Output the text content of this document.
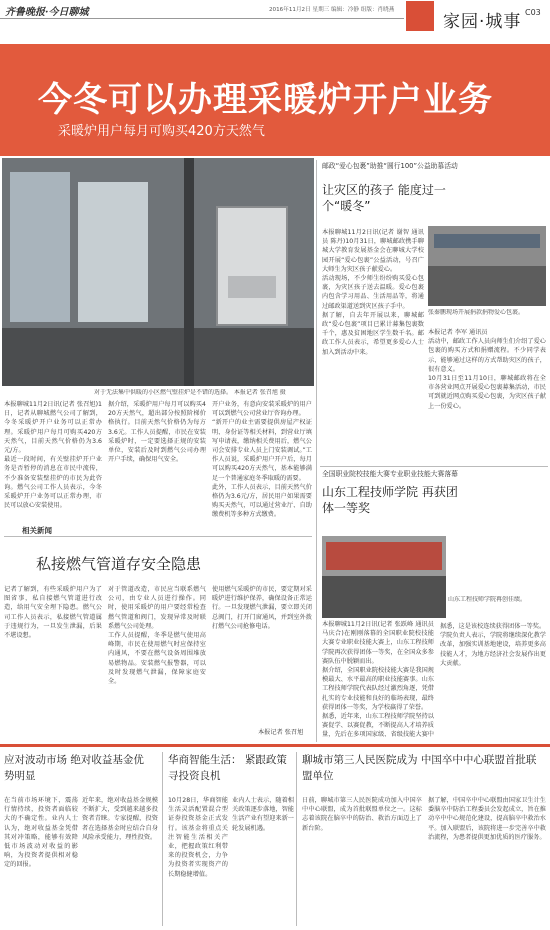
齐鲁晚报·今日聊城	2016年11月2日 星期三 编辑：冷静 组版：肖晓燕
家园·城事 C03
今冬可以办理采暖炉开户业务
采暖炉用户每月可购买420方天然气
对于无法集中供暖的小区燃气壁挂炉是不错的选择。 本报记者 张召旭 摄

本报聊城11月2日讯(记者 张召旭)1日，记者从聊城燃气公司了解到，今冬采暖炉开户业务可以正常办理。采暖炉用户每月可购买420方天然气，目前天然气价格仍为3.6元/方。

最近一段时间，有关壁挂炉开户业务是否暂停的消息在市民中流传，不少准备安装壁挂炉的市民为此咨询。燃气公司工作人员表示，今冬采暖炉开户业务可以正常办理，市民可以放心安装使用。

据介绍，采暖炉用户每月可以购买420方天然气，超出部分按照阶梯价格执行。目前天然气价格仍为每方3.6元。工作人员提醒，市民在安装采暖炉时，一定要选择正规的安装单位，安装后及时到燃气公司办理开户手续，确保用气安全。

开户业务，有意向安装采暖炉的用户可以到燃气公司营业厅咨询办理。

“新开户的业主需要提供房屋产权证明、身份证等相关材料，到营业厅填写申请表，缴纳相关费用后，燃气公司会安排专业人员上门安装调试。”工作人员说，采暖炉用户开户后，每月可以购买420方天然气，基本能够满足一个普通家庭冬季取暖的需要。

此外，工作人员表示，目前天然气价格仍为3.6元/方，居民用户如果需要购买天然气，可以通过营业厅、自助缴费机等多种方式缴费。

相关新闻
私接燃气管道存安全隐患

记者了解到，有些采暖炉用户为了图省事，私自接燃气管道进行改造，给用气安全埋下隐患。燃气公司工作人员表示，私接燃气管道属于违规行为，一旦发生泄漏，后果不堪设想。

对于管道改造，市民应当联系燃气公司，由专业人员进行操作。同时，使用采暖炉的用户要经常检查燃气管道和阀门，发现异常及时联系燃气公司处理。

工作人员提醒，冬季是燃气使用高峰期，市民在使用燃气时应保持室内通风，不要在燃气设备周围堆放易燃物品。安装燃气报警器，可以及时发现燃气泄漏，保障家庭安全。

使用燃气采暖炉的市民，要定期对采暖炉进行维护保养，确保设备正常运行。一旦发现燃气泄漏，要立即关闭总阀门，打开门窗通风，并到室外拨打燃气公司抢修电话。

本报记者 张召旭
邮政“爱心包裹”助推“圆行100”公益助慕活动
让灾区的孩子 能度过一个“暖冬”

本报聊城11月2日讯(记者 谢智 通讯员 陈丹)10月31日，聊城邮政携手聊城大学教育发展基金会在聊城大学校园开展“爱心包裹”公益活动，号召广大师生为灾区孩子献爱心。

活动现场，不少师生纷纷购买爱心包裹，为灾区孩子送去温暖。爱心包裹内包含学习用品、生活用品等，将通过邮政渠道送到灾区孩子手中。

据了解，自去年开展以来，聊城邮政“爱心包裹”项目已累计募集包裹数千个，惠及贫困地区学生数千名。邮政工作人员表示，希望更多爱心人士加入到活动中来。

张秦鹏现场开展捐款捐物爱心包裹。

本报记者 李军 通讯员

活动中，邮政工作人员向师生们介绍了爱心包裹的购买方式和捐赠流程。不少同学表示，能够通过这样的方式帮助灾区的孩子，很有意义。

10月31日至11月10日，聊城邮政将在全市各营业网点开展爱心包裹募集活动，市民可到就近网点购买爱心包裹，为灾区孩子献上一份爱心。

全国职业院校技能大赛专业职业技能大赛落幕
山东工程技师学院 再获团体一等奖
山东工程技师学院再创佳绩。

本报聊城11月2日讯(记者 张跃峰 通讯员 马庆合)在刚刚落幕的全国职业院校技能大赛专业职业技能大赛上，山东工程技师学院再次获得团体一等奖，在全国众多参赛队伍中脱颖而出。

据介绍，全国职业院校技能大赛是我国规模最大、水平最高的职业技能赛事。山东工程技师学院代表队经过激烈角逐，凭借扎实的专业技能和良好的临场表现，最终获得团体一等奖，为学校赢得了荣誉。

据悉，近年来，山东工程技师学院坚持以赛促学、以赛促教，不断提高人才培养质量，先后在多项国家级、省级技能大赛中

据悉，这是该校连续获得团体一等奖。

学院负责人表示，学院将继续深化教学改革，加强实训基地建设，培养更多高技能人才，为地方经济社会发展作出更大贡献。

应对波动市场 绝对收益基金优势明显
在当前市场环境下，震荡行情持续，投资者面临较大的不确定性。业内人士认为，绝对收益基金凭借其对冲策略，能够有效降低市场波动对收益的影响，为投资者提供相对稳定的回报。
近年来，绝对收益基金规模不断扩大，受到越来越多投资者青睐。专家提醒，投资者在选择基金时应结合自身风险承受能力，理性投资。
华商智能生活： 紧跟政策寻投资良机
10月28日，华商智能生活灵活配置混合型证券投资基金正式发行。该基金将重点关注智能生活相关产业，把握政策红利带来的投资机会，力争为投资者实现资产的长期稳健增值。
业内人士表示，随着相关政策逐步落地，智能生活产业有望迎来新一轮发展机遇。
聊城市第三人民医院成为 中国卒中中心联盟首批联盟单位
日前，聊城市第三人民医院成功加入中国卒中中心联盟，成为首批联盟单位之一。这标志着该院在脑卒中的防治、救治方面迈上了新台阶。
据了解，中国卒中中心联盟由国家卫生计生委脑卒中防治工程委员会发起成立，旨在推动卒中中心规范化建设，提高脑卒中救治水平。加入联盟后，该院将进一步完善卒中救治流程，为患者提供更加优质的医疗服务。
